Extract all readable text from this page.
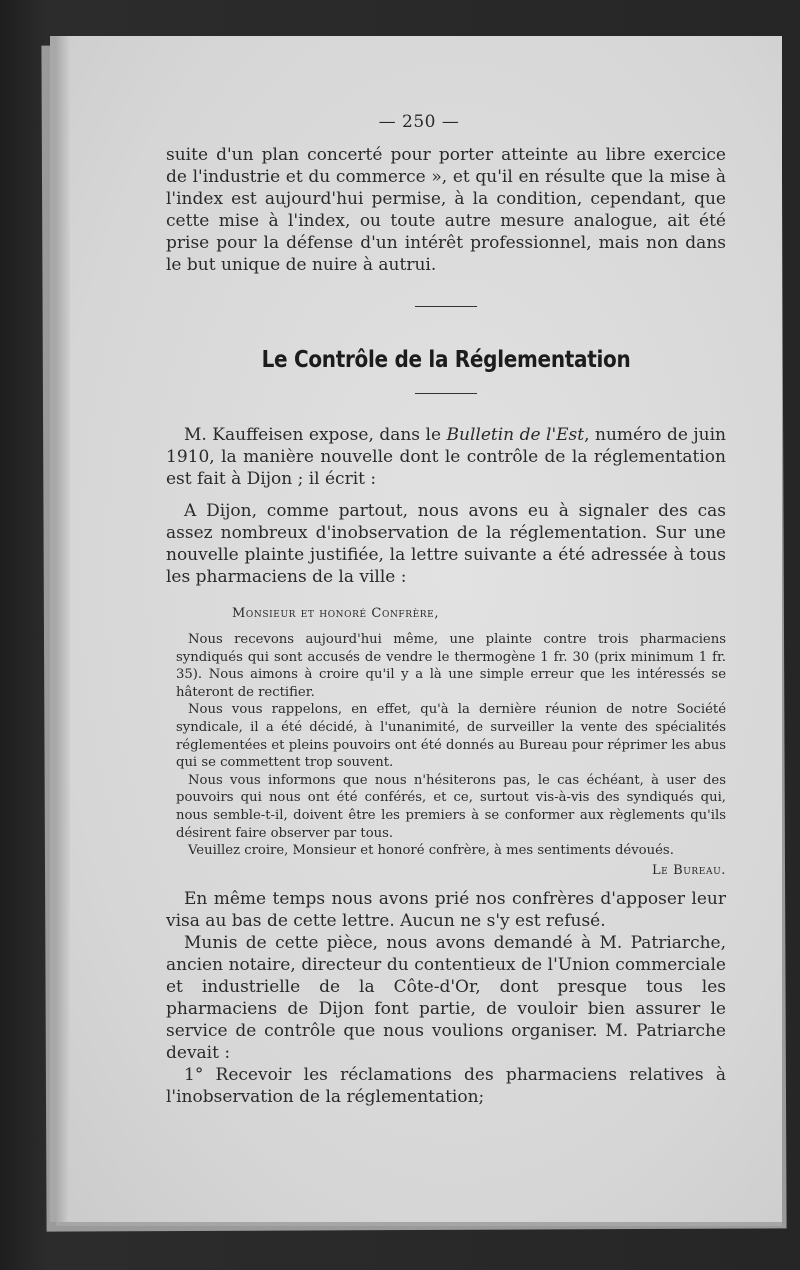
— 250 —

suite d'un plan concerté pour porter atteinte au libre exercice de l'industrie et du commerce », et qu'il en résulte que la mise à l'index est aujourd'hui permise, à la condition, cependant, que cette mise à l'index, ou toute autre mesure analogue, ait été prise pour la défense d'un intérêt professionnel, mais non dans le but unique de nuire à autrui.

Le Contrôle de la Réglementation

M. Kauffeisen expose, dans le Bulletin de l'Est, numéro de juin 1910, la manière nouvelle dont le contrôle de la réglementation est fait à Dijon ; il écrit :

A Dijon, comme partout, nous avons eu à signaler des cas assez nombreux d'inobservation de la réglementation. Sur une nouvelle plainte justifiée, la lettre suivante a été adressée à tous les pharmaciens de la ville :

Monsieur et honoré Confrère,

Nous recevons aujourd'hui même, une plainte contre trois pharmaciens syndiqués qui sont accusés de vendre le thermogène 1 fr. 30 (prix minimum 1 fr. 35). Nous aimons à croire qu'il y a là une simple erreur que les intéressés se hâteront de rectifier.

Nous vous rappelons, en effet, qu'à la dernière réunion de notre Société syndicale, il a été décidé, à l'unanimité, de surveiller la vente des spécialités réglementées et pleins pouvoirs ont été donnés au Bureau pour réprimer les abus qui se commettent trop souvent.

Nous vous informons que nous n'hésiterons pas, le cas échéant, à user des pouvoirs qui nous ont été conférés, et ce, surtout vis-à-vis des syndiqués qui, nous semble-t-il, doivent être les premiers à se conformer aux règlements qu'ils désirent faire observer par tous.

Veuillez croire, Monsieur et honoré confrère, à mes sentiments dévoués.

Le Bureau.

En même temps nous avons prié nos confrères d'apposer leur visa au bas de cette lettre. Aucun ne s'y est refusé.

Munis de cette pièce, nous avons demandé à M. Patriarche, ancien notaire, directeur du contentieux de l'Union commerciale et industrielle de la Côte-d'Or, dont presque tous les pharmaciens de Dijon font partie, de vouloir bien assurer le service de contrôle que nous voulions organiser. M. Patriarche devait :

1° Recevoir les réclamations des pharmaciens relatives à l'inobservation de la réglementation;
